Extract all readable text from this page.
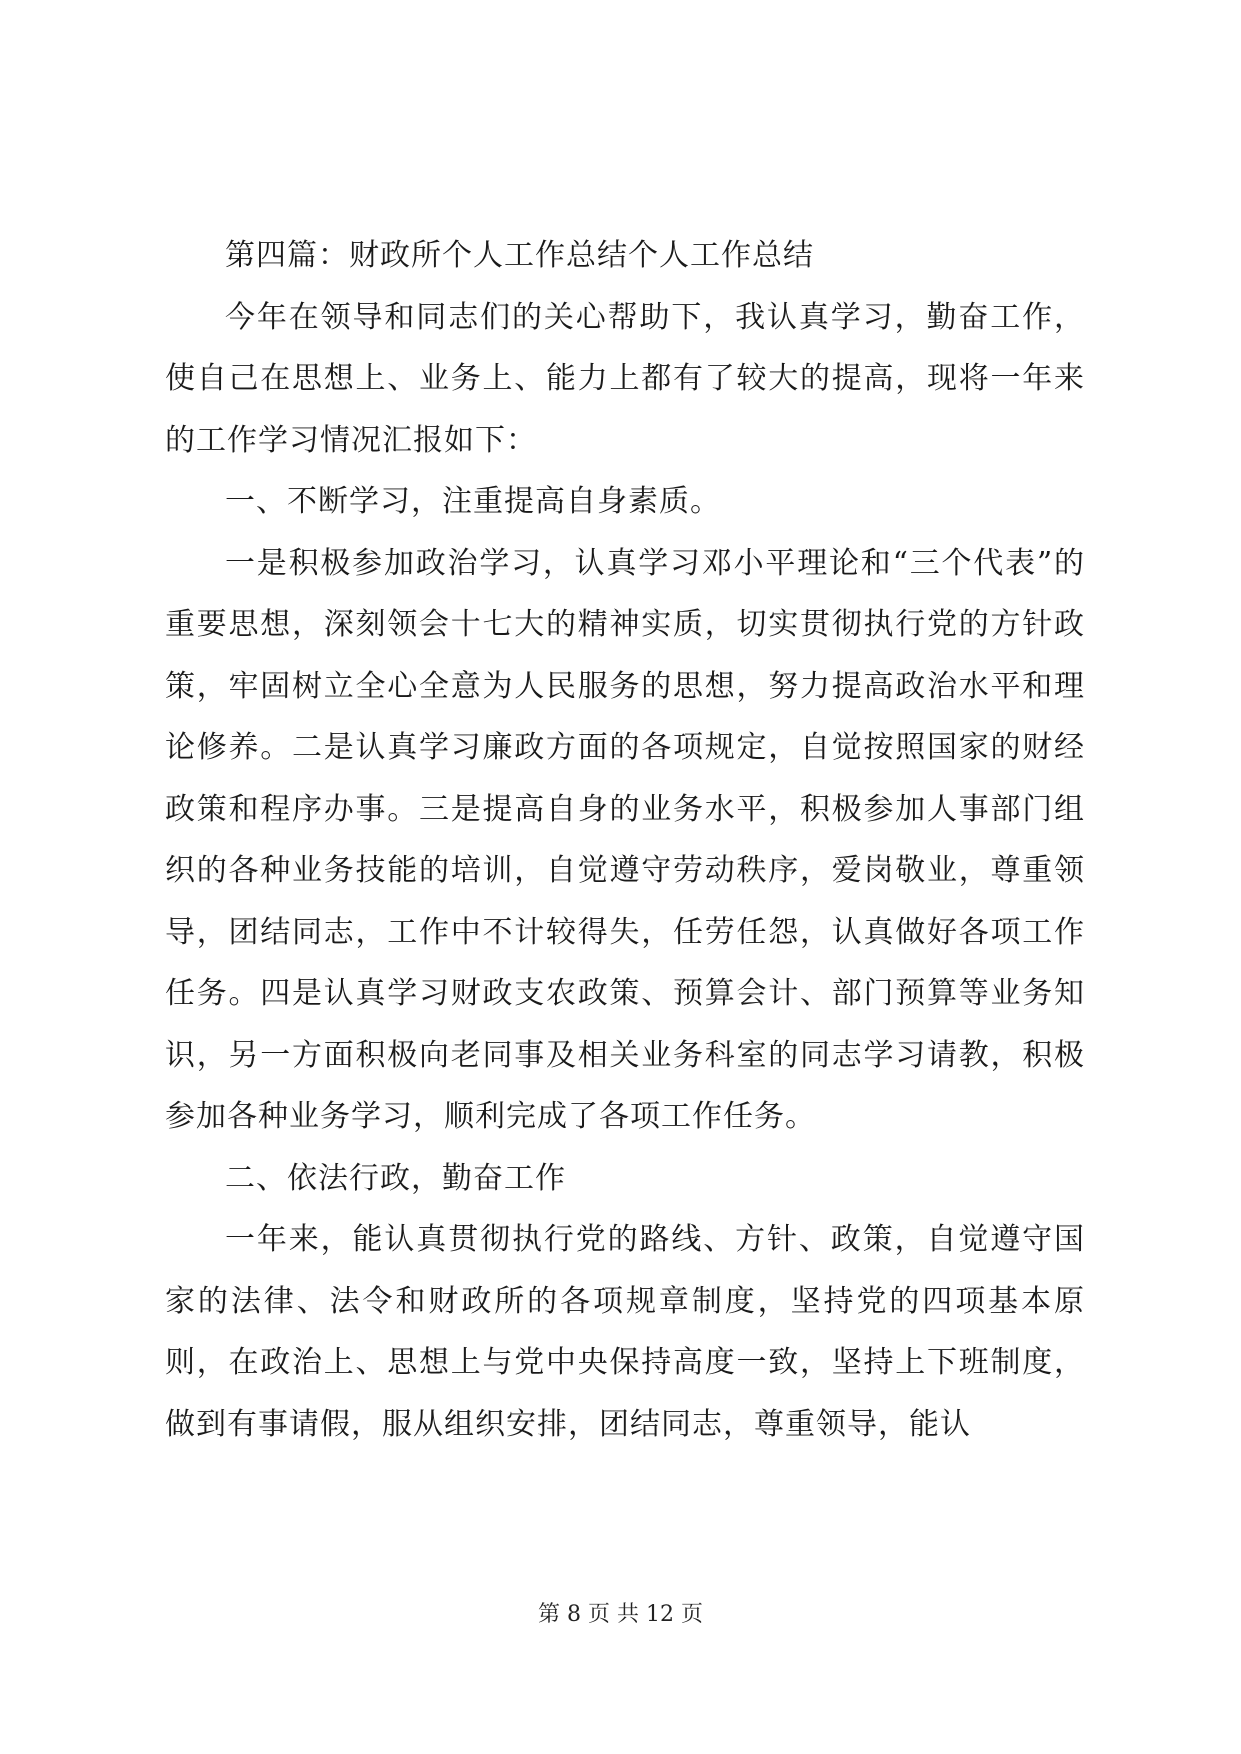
第四篇：财政所个人工作总结个人工作总结

今年在领导和同志们的关心帮助下，我认真学习，勤奋工作，使自己在思想上、业务上、能力上都有了较大的提高，现将一年来的工作学习情况汇报如下：

一、不断学习，注重提高自身素质。

一是积极参加政治学习，认真学习邓小平理论和“三个代表”的重要思想，深刻领会十七大的精神实质，切实贯彻执行党的方针政策，牢固树立全心全意为人民服务的思想，努力提高政治水平和理论修养。二是认真学习廉政方面的各项规定，自觉按照国家的财经政策和程序办事。三是提高自身的业务水平，积极参加人事部门组织的各种业务技能的培训，自觉遵守劳动秩序，爱岗敬业，尊重领导，团结同志，工作中不计较得失，任劳任怨，认真做好各项工作任务。四是认真学习财政支农政策、预算会计、部门预算等业务知识，另一方面积极向老同事及相关业务科室的同志学习请教，积极参加各种业务学习，顺利完成了各项工作任务。

二、依法行政，勤奋工作

一年来，能认真贯彻执行党的路线、方针、政策，自觉遵守国家的法律、法令和财政所的各项规章制度，坚持党的四项基本原则，在政治上、思想上与党中央保持高度一致，坚持上下班制度，做到有事请假，服从组织安排，团结同志，尊重领导，能认

第 8 页 共 12 页
